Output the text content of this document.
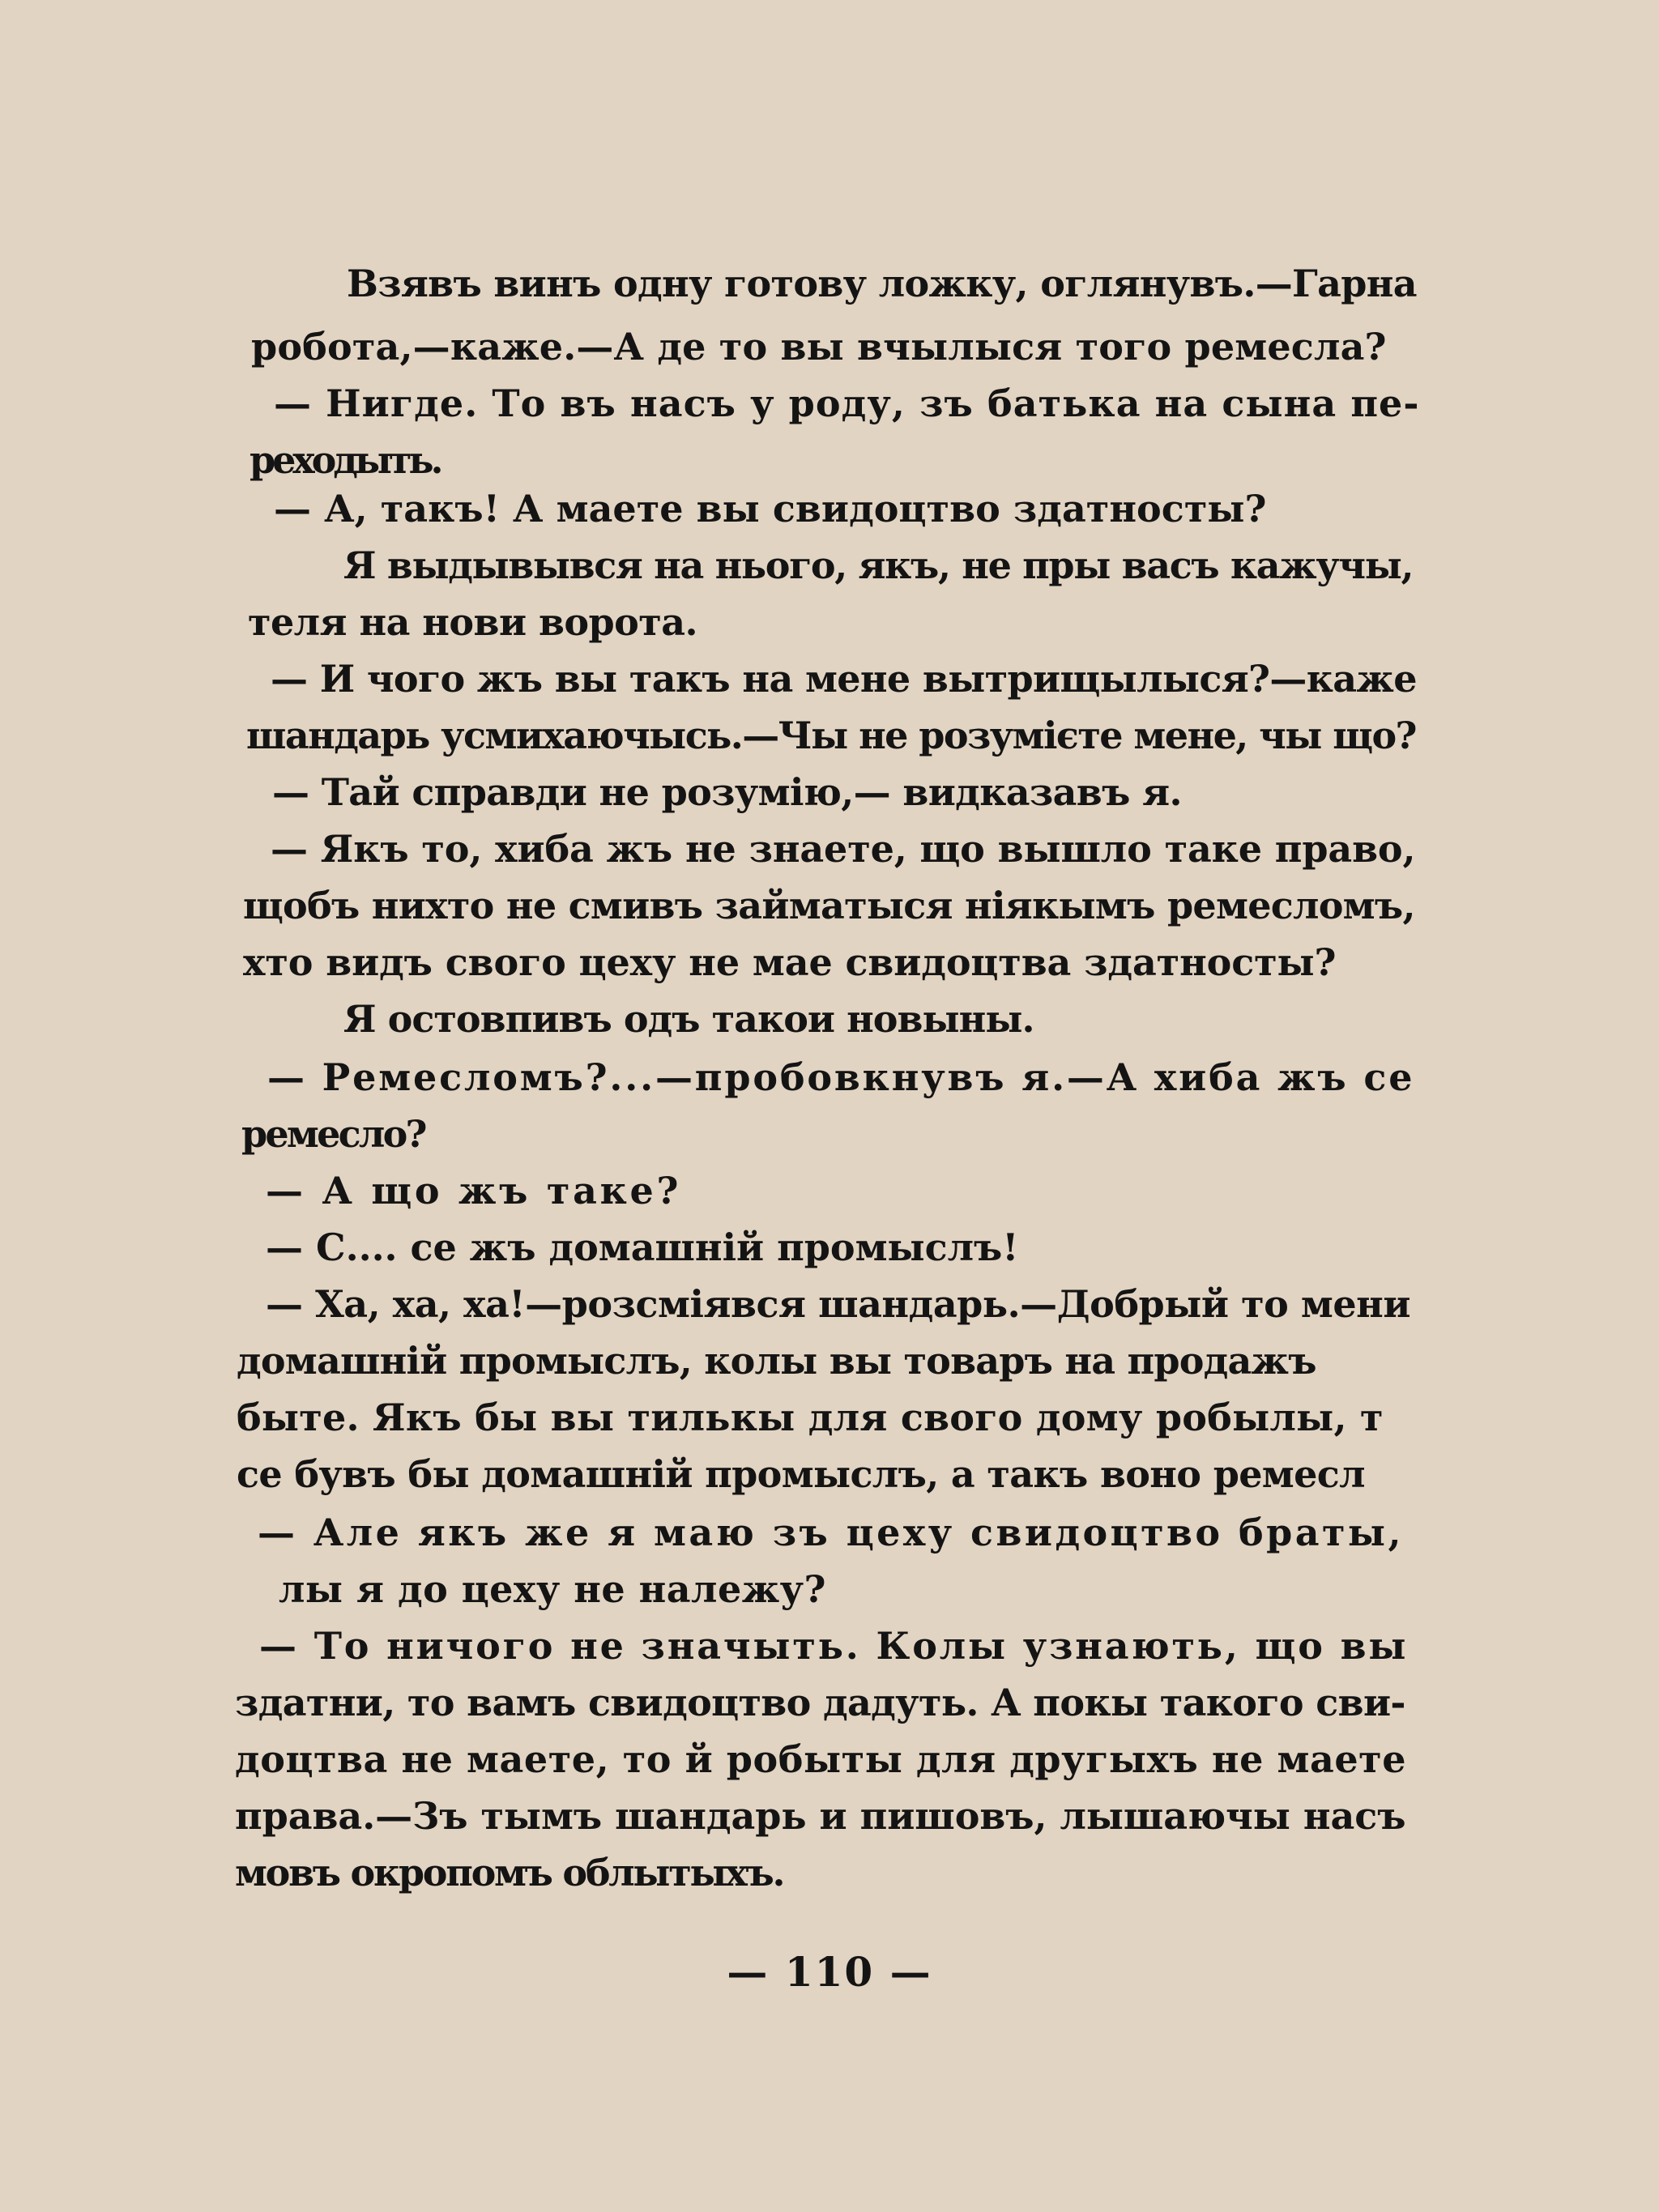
Взявъ винъ одну готову ложку, оглянувъ.—Гарна
робота,—каже.—А де то вы вчылыся того ремесла?
— Нигде. То въ насъ у роду, зъ батька на сына пе-
реходыть.
— А, такъ! А маете вы свидоцтво здатносты?
Я выдывывся на нього, якъ, не пры васъ кажучы,
теля на нови ворота.
— И чого жъ вы такъ на мене вытрищылыся?—каже
шандарь усмихаючысь.—Чы не розумієте мене, чы що?
— Тай справди не розумію,— видказавъ я.
— Якъ то, хиба жъ не знаете, що вышло таке право,
щобъ нихто не смивъ займатыся нiякымъ ремесломъ,
хто видъ свого цеху не мае свидоцтва здатносты?
Я остовпивъ одъ такои новыны.
— Ремесломъ?...—пробовкнувъ я.—А хиба жъ се
ремесло?
— А що жъ таке?
— С.... се жъ домашній промыслъ!
— Ха, ха, ха!—розсміявся шандарь.—Добрый то мени
домашній промыслъ, колы вы товаръ на продажъ
быте. Якъ бы вы тилькы для свого дому робылы, т
се бувъ бы домашній промыслъ, а такъ воно ремесл
— Але якъ же я маю зъ цеху свидоцтво браты,
лы я до цеху не належу?
— То ничого не значыть. Колы узнають, що вы
здатни, то вамъ свидоцтво дадуть. А покы такого сви-
доцтва не маете, то й робыты для другыхъ не маете
права.—Зъ тымъ шандарь и пишовъ, лышаючы насъ
мовъ окропомъ облытыхъ.
— 110 —
